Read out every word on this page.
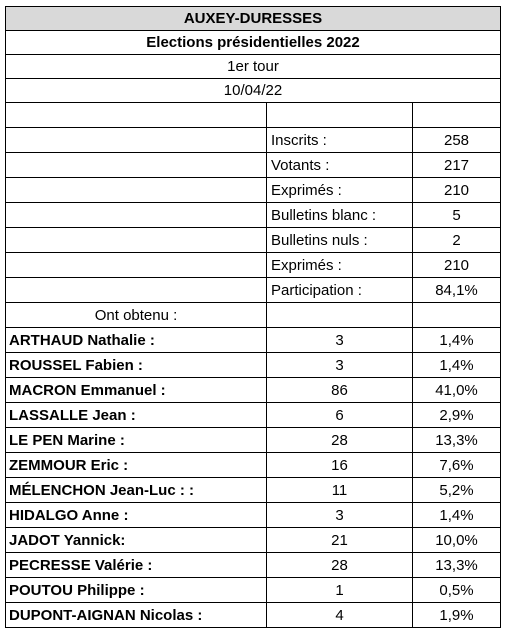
AUXEY-DURESSES
Elections présidentielles 2022
1er tour
10/04/22
Inscrits :	258
Votants :	217
Exprimés :	210
Bulletins blanc :	5
Bulletins nuls :	2
Exprimés :	210
Participation :	84,1%
Ont obtenu :
ARTHAUD Nathalie :	3	1,4%
ROUSSEL Fabien :	3	1,4%
MACRON Emmanuel :	86	41,0%
LASSALLE Jean :	6	2,9%
LE PEN Marine :	28	13,3%
ZEMMOUR Eric :	16	7,6%
MÉLENCHON Jean-Luc : :	11	5,2%
HIDALGO Anne :	3	1,4%
JADOT Yannick:	21	10,0%
PECRESSE Valérie :	28	13,3%
POUTOU Philippe :	1	0,5%
DUPONT-AIGNAN Nicolas :	4	1,9%
